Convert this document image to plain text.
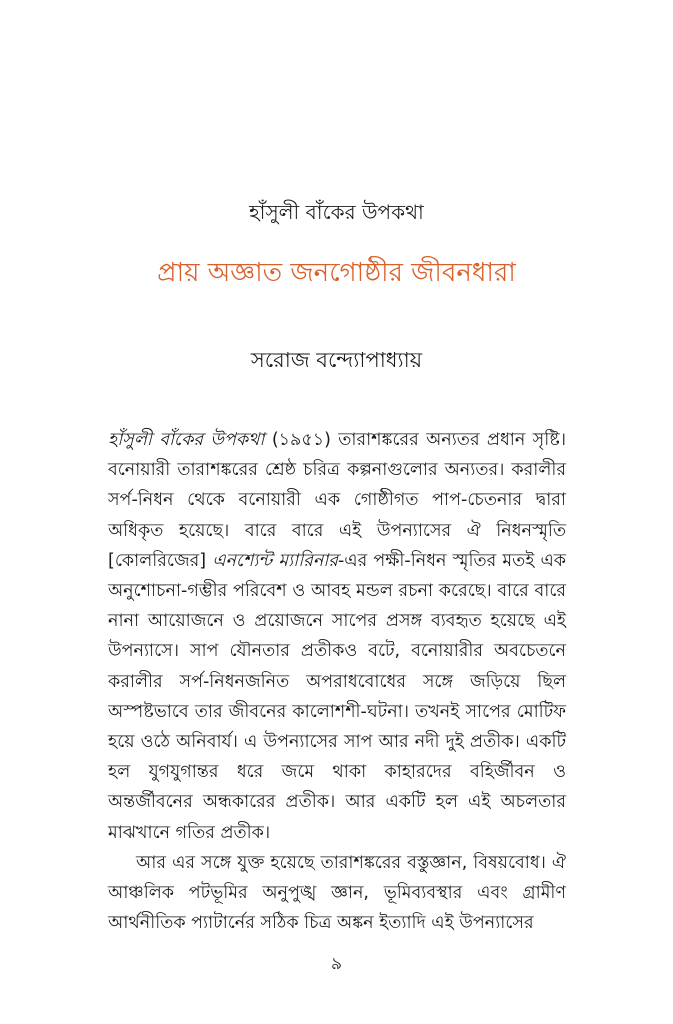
হাঁসুলী বাঁকের উপকথা
প্রায় অজ্ঞাত জনগোষ্ঠীর জীবনধারা
সরোজ বন্দ্যোপাধ্যায়

হাঁসুলী বাঁকের উপকথা (১৯৫১) তারাশঙ্করের অন্যতর প্রধান সৃষ্টি। বনোয়ারী তারাশঙ্করের শ্রেষ্ঠ চরিত্র কল্পনাগুলোর অন্যতর। করালীর সর্প-নিধন থেকে বনোয়ারী এক গোষ্ঠীগত পাপ-চেতনার দ্বারা অধিকৃত হয়েছে। বারে বারে এই উপন্যাসের ঐ নিধনস্মৃতি [কোলরিজের] এনশ্যেন্ট ম্যারিনার-এর পক্ষী-নিধন স্মৃতির মতই এক অনুশোচনা-গম্ভীর পরিবেশ ও আবহ মন্ডল রচনা করেছে। বারে বারে নানা আয়োজনে ও প্রয়োজনে সাপের প্রসঙ্গ ব্যবহৃত হয়েছে এই উপন্যাসে। সাপ যৌনতার প্রতীকও বটে, বনোয়ারীর অবচেতনে করালীর সর্প-নিধনজনিত অপরাধবোধের সঙ্গে জড়িয়ে ছিল অস্পষ্টভাবে তার জীবনের কালোশশী-ঘটনা। তখনই সাপের মোটিফ হয়ে ওঠে অনিবার্য। এ উপন্যাসের সাপ আর নদী দুই প্রতীক। একটি হল যুগযুগান্তর ধরে জমে থাকা কাহারদের বহির্জীবন ও অন্তর্জীবনের অন্ধকারের প্রতীক। আর একটি হল এই অচলতার মাঝখানে গতির প্রতীক।

আর এর সঙ্গে যুক্ত হয়েছে তারাশঙ্করের বস্তুজ্ঞান, বিষয়বোধ। ঐ আঞ্চলিক পটভূমির অনুপুঙ্খ জ্ঞান, ভূমিব্যবস্থার এবং গ্রামীণ আর্থনীতিক প্যাটার্নের সঠিক চিত্র অঙ্কন ইত্যাদি এই উপন্যাসের

৯
